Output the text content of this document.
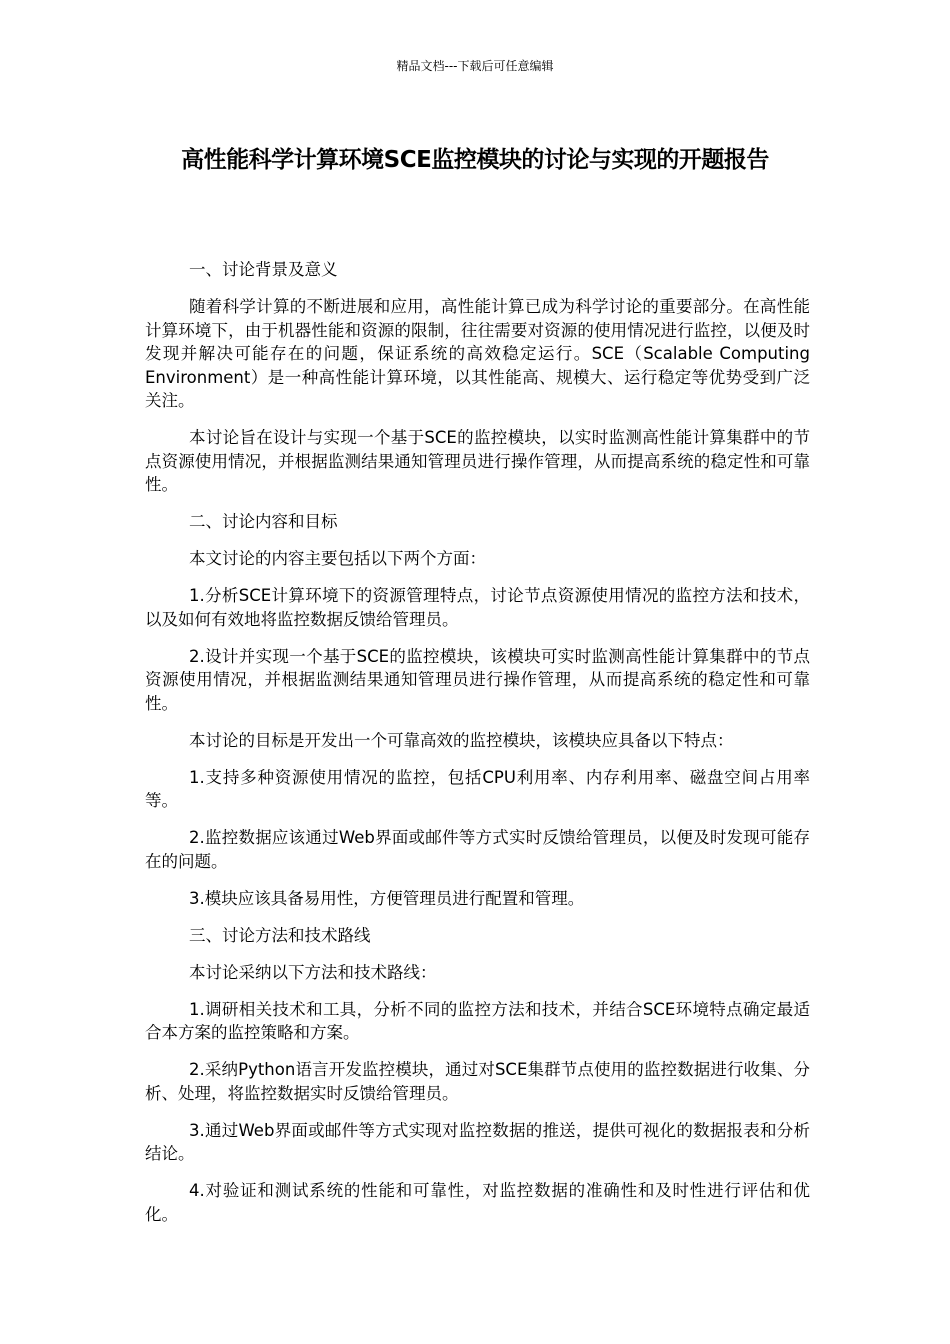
精品文档---下载后可任意编辑
高性能科学计算环境SCE监控模块的讨论与实现的开题报告

一、讨论背景及意义

随着科学计算的不断进展和应用，高性能计算已成为科学讨论的重要部分。在高性能计算环境下，由于机器性能和资源的限制，往往需要对资源的使用情况进行监控，以便及时发现并解决可能存在的问题，保证系统的高效稳定运行。SCE（Scalable Computing Environment）是一种高性能计算环境，以其性能高、规模大、运行稳定等优势受到广泛关注。

本讨论旨在设计与实现一个基于SCE的监控模块，以实时监测高性能计算集群中的节点资源使用情况，并根据监测结果通知管理员进行操作管理，从而提高系统的稳定性和可靠性。

二、讨论内容和目标

本文讨论的内容主要包括以下两个方面：

1.分析SCE计算环境下的资源管理特点，讨论节点资源使用情况的监控方法和技术，以及如何有效地将监控数据反馈给管理员。

2.设计并实现一个基于SCE的监控模块，该模块可实时监测高性能计算集群中的节点资源使用情况，并根据监测结果通知管理员进行操作管理，从而提高系统的稳定性和可靠性。

本讨论的目标是开发出一个可靠高效的监控模块，该模块应具备以下特点：

1.支持多种资源使用情况的监控，包括CPU利用率、内存利用率、磁盘空间占用率等。

2.监控数据应该通过Web界面或邮件等方式实时反馈给管理员，以便及时发现可能存在的问题。

3.模块应该具备易用性，方便管理员进行配置和管理。

三、讨论方法和技术路线

本讨论采纳以下方法和技术路线：

1.调研相关技术和工具，分析不同的监控方法和技术，并结合SCE环境特点确定最适合本方案的监控策略和方案。

2.采纳Python语言开发监控模块，通过对SCE集群节点使用的监控数据进行收集、分析、处理，将监控数据实时反馈给管理员。

3.通过Web界面或邮件等方式实现对监控数据的推送，提供可视化的数据报表和分析结论。

4.对验证和测试系统的性能和可靠性，对监控数据的准确性和及时性进行评估和优化。
